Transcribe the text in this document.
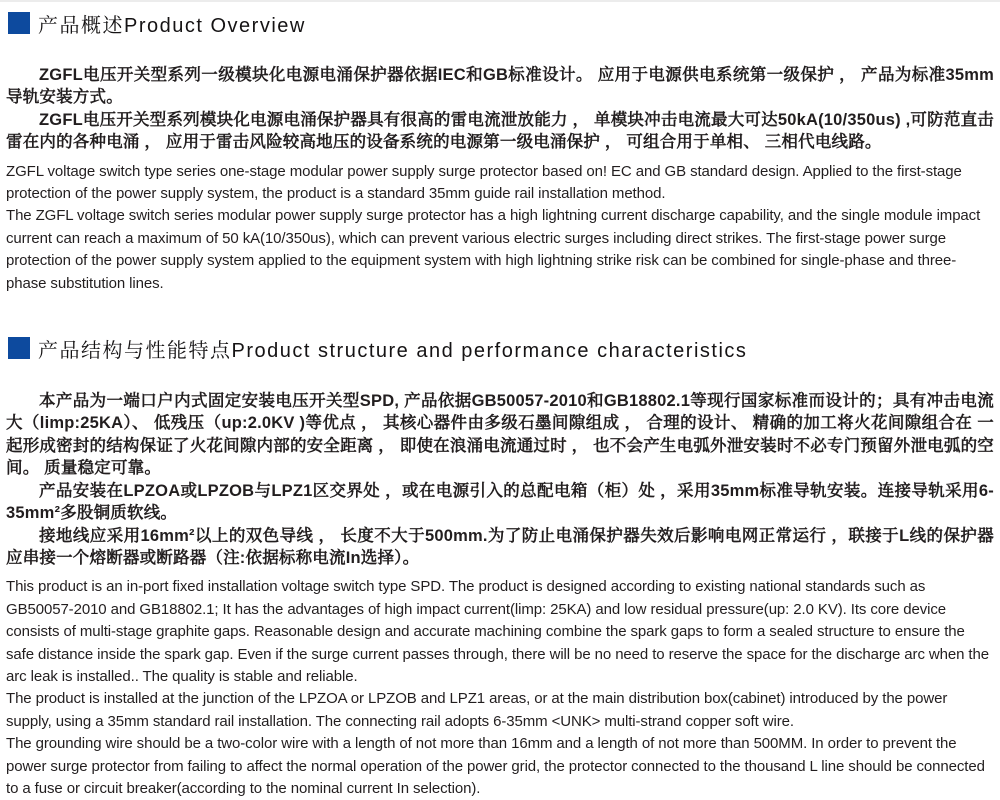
产品概述Product Overview

ZGFL电压开关型系列一级模块化电源电涌保护器依据IEC和GB标准设计。 应用于电源供电系统第一级保护 ， 产品为标准35mm导轨安装方式。

ZGFL电压开关型系列模块化电源电涌保护器具有很高的雷电流泄放能力 ， 单模块冲击电流最大可达50kA(10/350us) ,可防范直击雷在内的各种电涌 ， 应用于雷击风险较高地压的设备系统的电源第一级电涌保护 ， 可组合用于单相、 三相代电线路。

ZGFL voltage switch type series one-stage modular power supply surge protector based on! EC and GB standard design. Applied to the first-stage protection of the power supply system, the product is a standard 35mm guide rail installation method.

The ZGFL voltage switch series modular power supply surge protector has a high lightning current discharge capability, and the single module impact current can reach a maximum of 50 kA(10/350us), which can prevent various electric surges including direct strikes. The first-stage power surge protection of the power supply system applied to the equipment system with high lightning strike risk can be combined for single-phase and three-phase substitution lines.

产品结构与性能特点Product structure and performance characteristics

本产品为一端口户内式固定安装电压开关型SPD, 产品依据GB50057-2010和GB18802.1等现行国家标准而设计的；具有冲击电流大（limp:25KA）、 低残压（up:2.0KV )等优点 ， 其核心器件由多级石墨间隙组成 ， 合理的设计、 精确的加工将火花间隙组合在 一起形成密封的结构保证了火花间隙内部的安全距离 ， 即使在浪涌电流通过时 ， 也不会产生电弧外泄安装时不必专门预留外泄电弧的空间。 质量稳定可靠。

产品安装在LPZOA或LPZOB与LPZ1区交界处 ，或在电源引入的总配电箱（柜）处 ，采用35mm标准导轨安装。连接导轨采用6-35mm²多股铜质软线。

接地线应采用16mm²以上的双色导线 ， 长度不大于500mm.为了防止电涌保护器失效后影响电网正常运行 ，联接于L线的保护器应串接一个熔断器或断路器（注:依据标称电流In选择）。

This product is an in-port fixed installation voltage switch type SPD. The product is designed according to existing national standards such as GB50057-2010 and GB18802.1; It has the advantages of high impact current(limp: 25KA) and low residual pressure(up: 2.0 KV). Its core device consists of multi-stage graphite gaps. Reasonable design and accurate machining combine the spark gaps to form a sealed structure to ensure the safe distance inside the spark gap. Even if the surge current passes through, there will be no need to reserve the space for the discharge arc when the arc leak is installed.. The quality is stable and reliable.

The product is installed at the junction of the LPZOA or LPZOB and LPZ1 areas, or at the main distribution box(cabinet) introduced by the power supply, using a 35mm standard rail installation. The connecting rail adopts 6-35mm <UNK> multi-strand copper soft wire.

The grounding wire should be a two-color wire with a length of not more than 16mm and a length of not more than 500MM. In order to prevent the power surge protector from failing to affect the normal operation of the power grid, the protector connected to the thousand L line should be connected to a fuse or circuit breaker(according to the nominal current In selection).
